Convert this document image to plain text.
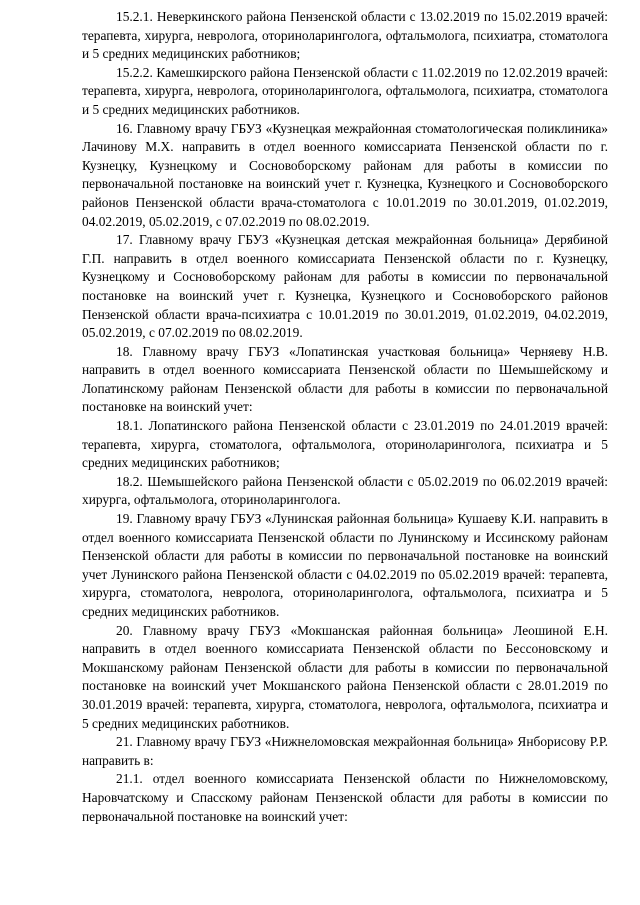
15.2.1. Неверкинского района Пензенской области с 13.02.2019 по 15.02.2019 врачей: терапевта, хирурга, невролога, оториноларинголога, офтальмолога, психиатра, стоматолога и 5 средних медицинских работников;

15.2.2. Камешкирского района Пензенской области с 11.02.2019 по 12.02.2019 врачей: терапевта, хирурга, невролога, оториноларинголога, офтальмолога, психиатра, стоматолога и 5 средних медицинских работников.

16. Главному врачу ГБУЗ «Кузнецкая межрайонная стоматологическая поликлиника» Лачинову М.Х. направить в отдел военного комиссариата Пензенской области по г. Кузнецку, Кузнецкому и Сосновоборскому районам для работы в комиссии по первоначальной постановке на воинский учет г. Кузнецка, Кузнецкого и Сосновоборского районов Пензенской области врача-стоматолога с 10.01.2019 по 30.01.2019, 01.02.2019, 04.02.2019, 05.02.2019, с 07.02.2019 по 08.02.2019.

17. Главному врачу ГБУЗ «Кузнецкая детская межрайонная больница» Дерябиной Г.П. направить в отдел военного комиссариата Пензенской области по г. Кузнецку, Кузнецкому и Сосновоборскому районам для работы в комиссии по первоначальной постановке на воинский учет г. Кузнецка, Кузнецкого и Сосновоборского районов Пензенской области врача-психиатра с 10.01.2019 по 30.01.2019, 01.02.2019, 04.02.2019, 05.02.2019, с 07.02.2019 по 08.02.2019.

18. Главному врачу ГБУЗ «Лопатинская участковая больница» Черняеву Н.В. направить в отдел военного комиссариата Пензенской области по Шемышейскому и Лопатинскому районам Пензенской области для работы в комиссии по первоначальной постановке на воинский учет:

18.1. Лопатинского района Пензенской области с 23.01.2019 по 24.01.2019 врачей: терапевта, хирурга, стоматолога, офтальмолога, оториноларинголога, психиатра и 5 средних медицинских работников;

18.2. Шемышейского района Пензенской области с 05.02.2019 по 06.02.2019 врачей: хирурга, офтальмолога, оториноларинголога.

19. Главному врачу ГБУЗ «Лунинская районная больница» Кушаеву К.И. направить в отдел военного комиссариата Пензенской области по Лунинскому и Иссинскому районам Пензенской области для работы в комиссии по первоначальной постановке на воинский учет Лунинского района Пензенской области с 04.02.2019 по 05.02.2019 врачей: терапевта, хирурга, стоматолога, невролога, оториноларинголога, офтальмолога, психиатра и 5 средних медицинских работников.

20. Главному врачу ГБУЗ «Мокшанская районная больница» Леошиной Е.Н. направить в отдел военного комиссариата Пензенской области по Бессоновскому и Мокшанскому районам Пензенской области для работы в комиссии по первоначальной постановке на воинский учет Мокшанского района Пензенской области с 28.01.2019 по 30.01.2019 врачей: терапевта, хирурга, стоматолога, невролога, офтальмолога, психиатра и 5 средних медицинских работников.

21. Главному врачу ГБУЗ «Нижнеломовская межрайонная больница» Янборисову Р.Р. направить в:

21.1. отдел военного комиссариата Пензенской области по Нижнеломовскому, Наровчатскому и Спасскому районам Пензенской области для работы в комиссии по первоначальной постановке на воинский учет:
